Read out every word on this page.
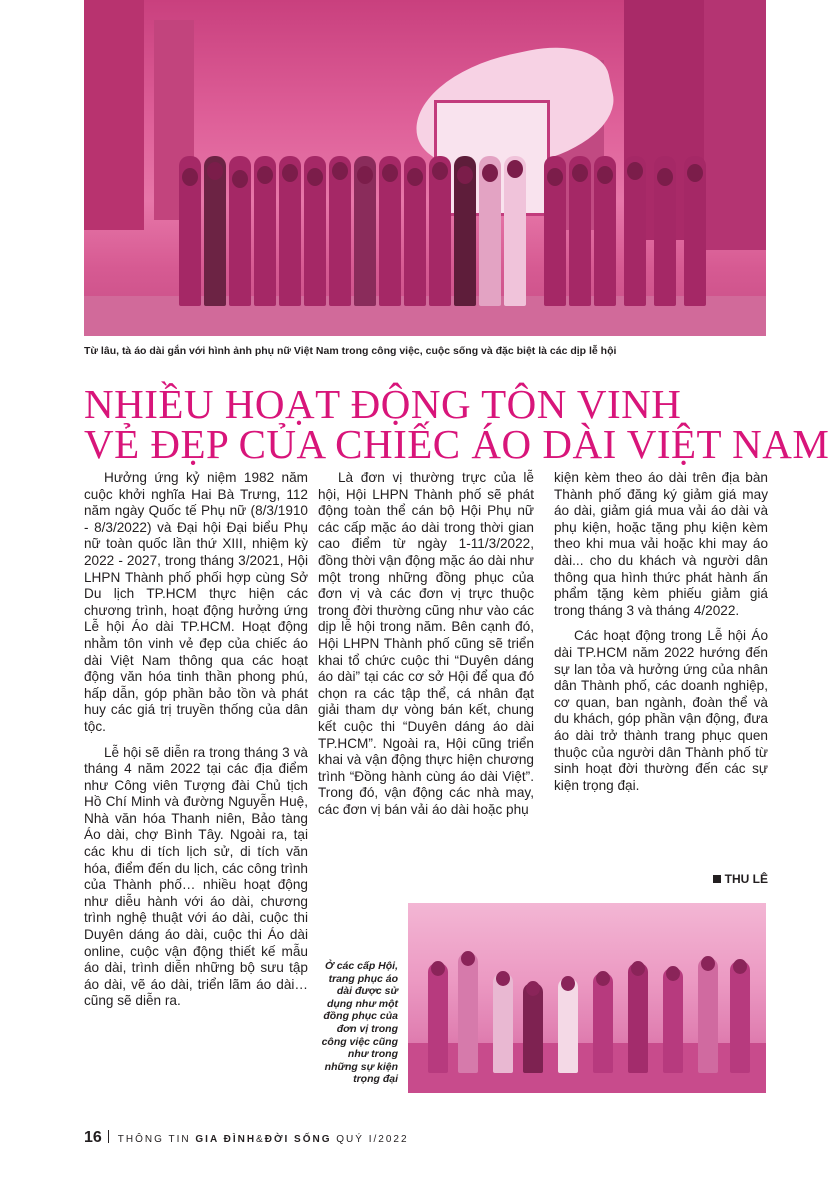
Từ lâu, tà áo dài gắn với hình ảnh phụ nữ Việt Nam trong công việc, cuộc sống và đặc biệt là các dịp lễ hội
NHIỀU HOẠT ĐỘNG TÔN VINH
VẺ ĐẸP CỦA CHIẾC ÁO DÀI VIỆT NAM

Hưởng ứng kỷ niệm 1982 năm cuộc khởi nghĩa Hai Bà Trưng, 112 năm ngày Quốc tế Phụ nữ (8/3/1910 - 8/3/2022) và Đại hội Đại biểu Phụ nữ toàn quốc lần thứ XIII, nhiệm kỳ 2022 - 2027, trong tháng 3/2021, Hội LHPN Thành phố phối hợp cùng Sở Du lịch TP.HCM thực hiện các chương trình, hoạt động hưởng ứng Lễ hội Áo dài TP.HCM. Hoạt động nhằm tôn vinh vẻ đẹp của chiếc áo dài Việt Nam thông qua các hoạt động văn hóa tinh thần phong phú, hấp dẫn, góp phần bảo tồn và phát huy các giá trị truyền thống của dân tộc.

Lễ hội sẽ diễn ra trong tháng 3 và tháng 4 năm 2022 tại các địa điểm như Công viên Tượng đài Chủ tịch Hồ Chí Minh và đường Nguyễn Huệ, Nhà văn hóa Thanh niên, Bảo tàng Áo dài, chợ Bình Tây. Ngoài ra, tại các khu di tích lịch sử, di tích văn hóa, điểm đến du lịch, các công trình của Thành phố… nhiều hoạt động như diễu hành với áo dài, chương trình nghệ thuật với áo dài, cuộc thi Duyên dáng áo dài, cuộc thi Áo dài online, cuộc vận động thiết kế mẫu áo dài, trình diễn những bộ sưu tập áo dài, vẽ áo dài, triển lãm áo dài… cũng sẽ diễn ra.

Là đơn vị thường trực của lễ hội, Hội LHPN Thành phố sẽ phát động toàn thể cán bộ Hội Phụ nữ các cấp mặc áo dài trong thời gian cao điểm từ ngày 1-11/3/2022, đồng thời vận động mặc áo dài như một trong những đồng phục của đơn vị và các đơn vị trực thuộc trong đời thường cũng như vào các dịp lễ hội trong năm. Bên cạnh đó, Hội LHPN Thành phố cũng sẽ triển khai tổ chức cuộc thi “Duyên dáng áo dài” tại các cơ sở Hội để qua đó chọn ra các tập thể, cá nhân đạt giải tham dự vòng bán kết, chung kết cuộc thi “Duyên dáng áo dài TP.HCM”. Ngoài ra, Hội cũng triển khai và vận động thực hiện chương trình “Đồng hành cùng áo dài Việt”. Trong đó, vận động các nhà may, các đơn vị bán vải áo dài hoặc phụ

kiện kèm theo áo dài trên địa bàn Thành phố đăng ký giảm giá may áo dài, giảm giá mua vải áo dài và phụ kiện, hoặc tặng phụ kiện kèm theo khi mua vải hoặc khi may áo dài... cho du khách và người dân thông qua hình thức phát hành ấn phẩm tặng kèm phiếu giảm giá trong tháng 3 và tháng 4/2022.

Các hoạt động trong Lễ hội Áo dài TP.HCM năm 2022 hướng đến sự lan tỏa và hưởng ứng của nhân dân Thành phố, các doanh nghiệp, cơ quan, ban ngành, đoàn thể và du khách, góp phần vận động, đưa áo dài trở thành trang phục quen thuộc của người dân Thành phố từ sinh hoạt đời thường đến các sự kiện trọng đại.

THU LÊ
Ở các cấp Hội, trang phục áo dài được sử dụng như một đồng phục của đơn vị trong công việc cũng như trong những sự kiện trọng đại
16 THÔNG TIN GIA ĐÌNH&ĐỜI SỐNG QUÝ I/2022
